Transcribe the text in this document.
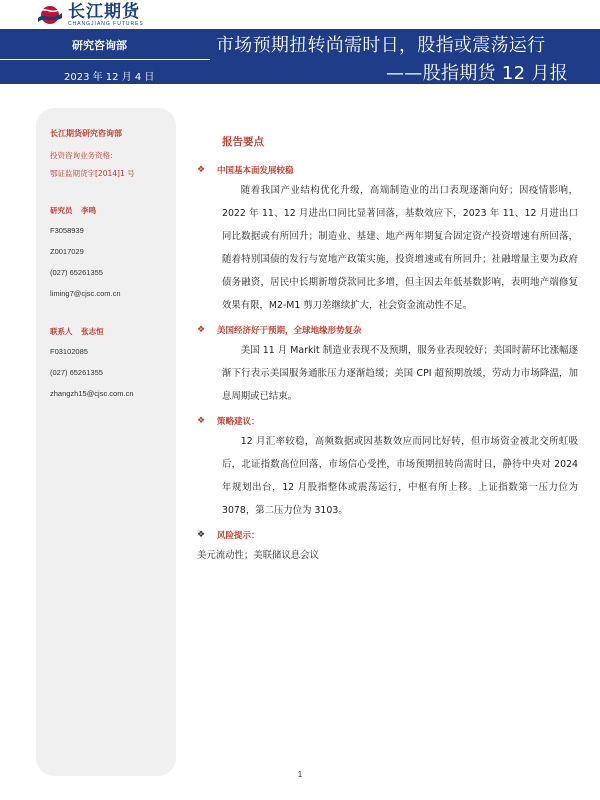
长江期货
CHANGJIANG FUTURES
研究咨询部
2023 年 12 月 4 日
市场预期扭转尚需时日，股指或震荡运行
——股指期货 12 月报
长江期货研究咨询部
投资咨询业务资格:
鄂证监期货字[2014]1 号
研究员 李鸣
F3058939
Z0017029
(027) 65261355
liming7@cjsc.com.cn
联系人 张志恒
F03102085
(027) 65261355
zhangzh15@cjsc.com.cn
报告要点
❖ 中国基本面发展较稳

随着我国产业结构优化升级，高端制造业的出口表现逐渐向好；因疫情影响，2022 年 11、12 月进出口同比显著回落，基数效应下，2023 年 11、12 月进出口同比数据或有所回升；制造业、基建、地产两年期复合固定资产投资增速有所回落，随着特别国债的发行与宽地产政策实施，投资增速或有所回升；社融增量主要为政府债务融资，居民中长期新增贷款同比多增，但主因去年低基数影响，表明地产端修复效果有限，M2-M1 剪刀差继续扩大，社会资金流动性不足。

❖ 美国经济好于预期，全球地缘形势复杂

美国 11 月 Markit 制造业表现不及预期，服务业表现较好；美国时薪环比涨幅逐渐下行表示美国服务通胀压力逐渐趋缓；美国 CPI 超预期放缓，劳动力市场降温，加息周期或已结束。

❖ 策略建议：

12 月汇率较稳，高频数据或因基数效应而同比好转，但市场资金被北交所虹吸后，北证指数高位回落，市场信心受挫，市场预期扭转尚需时日，静待中央对 2024 年规划出台，12 月股指整体或震荡运行，中枢有所上移。上证指数第一压力位为 3078，第二压力位为 3103。

❖ 风险提示：

美元流动性；美联储议息会议

1
